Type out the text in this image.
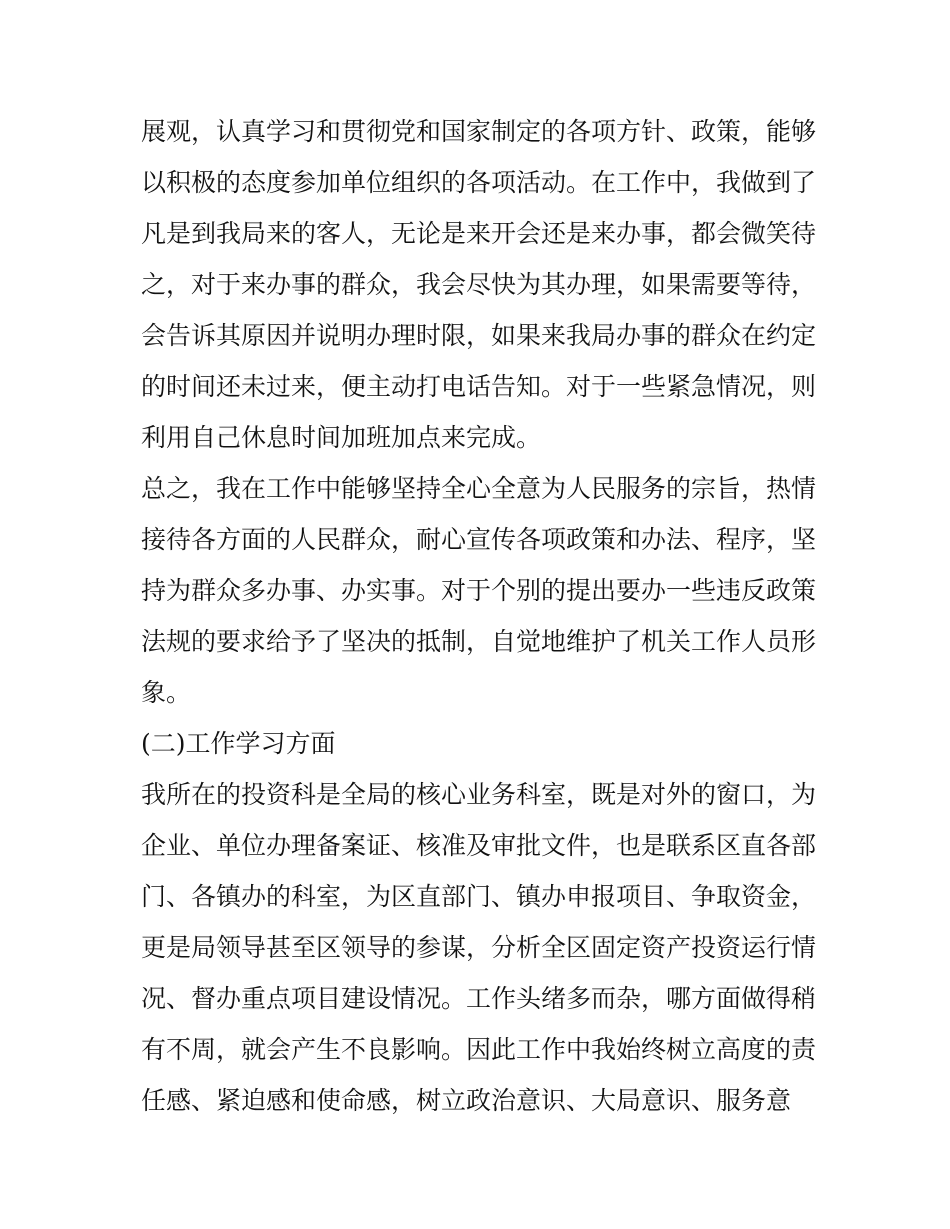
展观，认真学习和贯彻党和国家制定的各项方针、政策，能够
以积极的态度参加单位组织的各项活动。在工作中，我做到了
凡是到我局来的客人，无论是来开会还是来办事，都会微笑待
之，对于来办事的群众，我会尽快为其办理，如果需要等待，
会告诉其原因并说明办理时限，如果来我局办事的群众在约定
的时间还未过来，便主动打电话告知。对于一些紧急情况，则
利用自己休息时间加班加点来完成。
总之，我在工作中能够坚持全心全意为人民服务的宗旨，热情
接待各方面的人民群众，耐心宣传各项政策和办法、程序，坚
持为群众多办事、办实事。对于个别的提出要办一些违反政策
法规的要求给予了坚决的抵制，自觉地维护了机关工作人员形
象。
(二)工作学习方面
我所在的投资科是全局的核心业务科室，既是对外的窗口，为
企业、单位办理备案证、核准及审批文件，也是联系区直各部
门、各镇办的科室，为区直部门、镇办申报项目、争取资金，
更是局领导甚至区领导的参谋，分析全区固定资产投资运行情
况、督办重点项目建设情况。工作头绪多而杂，哪方面做得稍
有不周，就会产生不良影响。因此工作中我始终树立高度的责
任感、紧迫感和使命感，树立政治意识、大局意识、服务意
